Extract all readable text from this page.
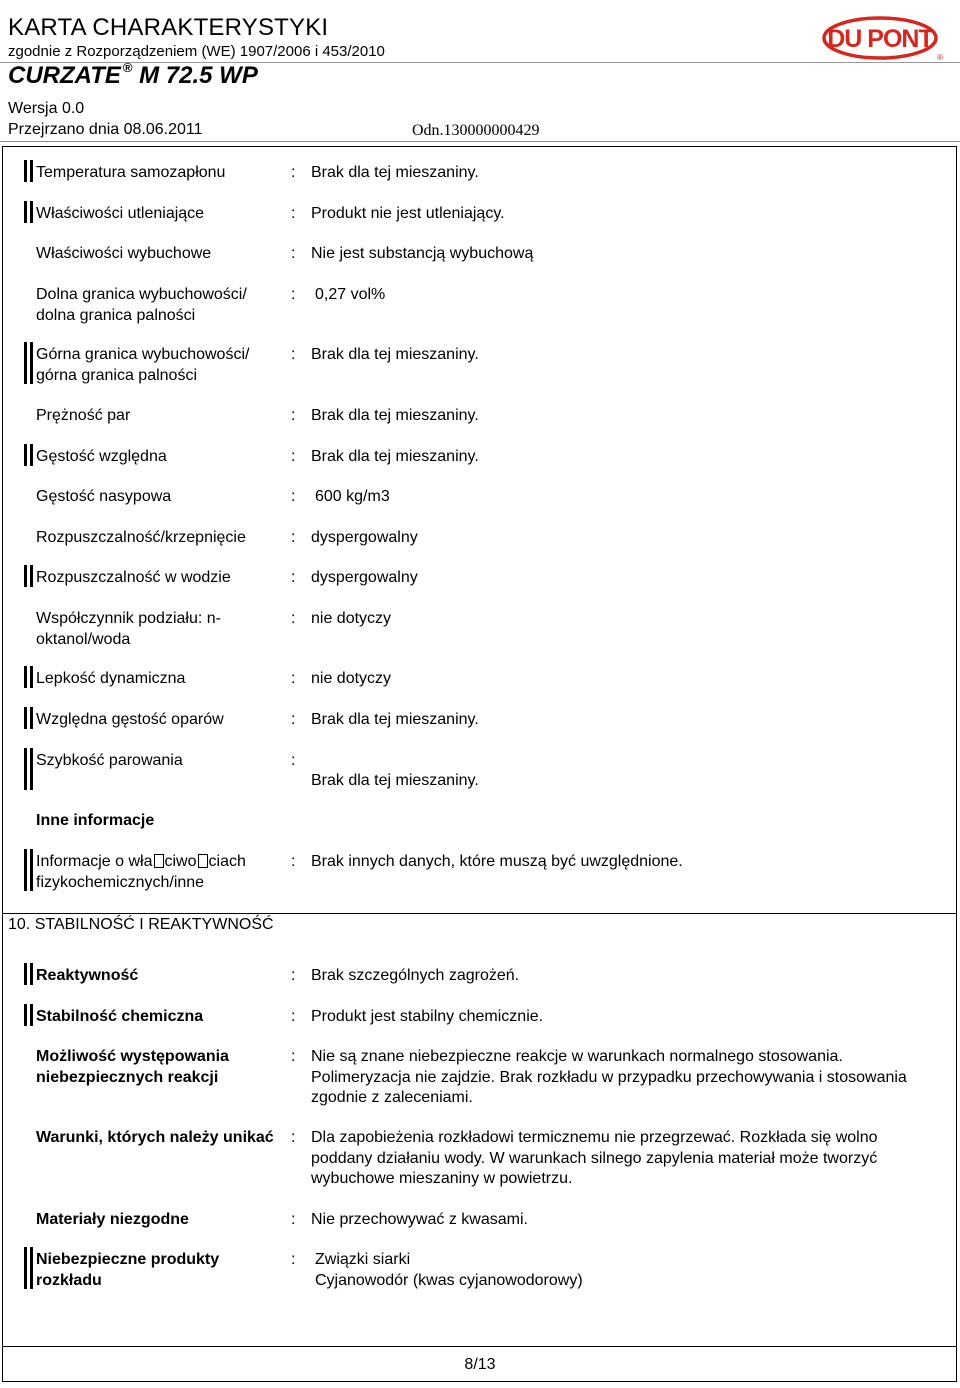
KARTA CHARAKTERYSTYKI
zgodnie z Rozporządzeniem (WE) 1907/2006 i 453/2010
CURZATE ® M 72.5 WP
Wersja 0.0
Przejrzano dnia 08.06.2011	Odn.130000000429
DU PONT
®
Temperatura samozapłonu	: Brak dla tej mieszaniny.
Właściwości utleniające	: Produkt nie jest utleniający.
Właściwości wybuchowe	: Nie jest substancją wybuchową
Dolna granica wybuchowości/ dolna granica palności
: 0,27 vol%
Górna granica wybuchowości/ górna granica palności
: Brak dla tej mieszaniny.
Prężność par	: Brak dla tej mieszaniny.
Gęstość względna	: Brak dla tej mieszaniny.
Gęstość nasypowa	: 600 kg/m3
Rozpuszczalność/krzepnięcie	: dyspergowalny
Rozpuszczalność w wodzie	: dyspergowalny
Współczynnik podziału: n-oktanol/woda
: nie dotyczy
Lepkość dynamiczna	: nie dotyczy
Względna gęstość oparów	: Brak dla tej mieszaniny.
Szybkość parowania	:
Brak dla tej mieszaniny.
Inne informacje
Informacje o wła ciwo ciach fizykochemicznych/inne
: Brak innych danych, które muszą być uwzględnione.
10. STABILNOŚĆ I REAKTYWNOŚĆ
Reaktywność	: Brak szczególnych zagrożeń.
Stabilność chemiczna	: Produkt jest stabilny chemicznie.
Możliwość występowania niebezpiecznych reakcji
: Nie są znane niebezpieczne reakcje w warunkach normalnego stosowania. Polimeryzacja nie zajdzie. Brak rozkładu w przypadku przechowywania i stosowania zgodnie z zaleceniami.
Warunki, których należy unikać	: Dla zapobieżenia rozkładowi termicznemu nie przegrzewać. Rozkłada się wolno poddany działaniu wody. W warunkach silnego zapylenia materiał może tworzyć wybuchowe mieszaniny w powietrzu.
Materiały niezgodne	: Nie przechowywać z kwasami.
Niebezpieczne produkty rozkładu
: Związki siarki
Cyjanowodór (kwas cyjanowodorowy)
8/13
